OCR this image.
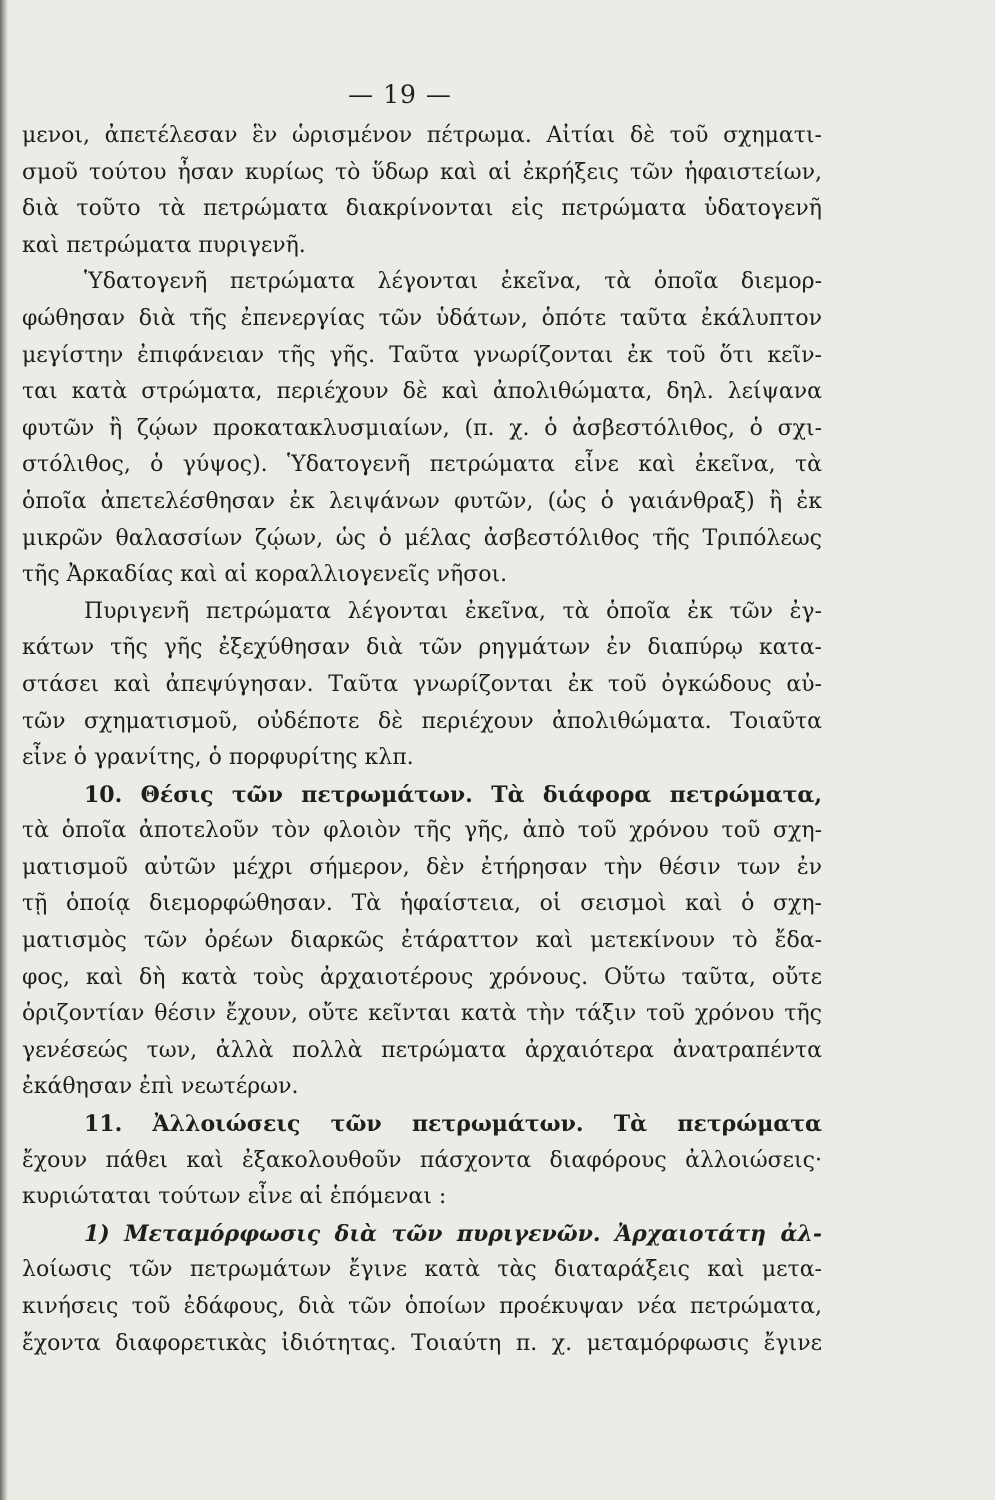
— 19 —
μενοι, ἀπετέλεσαν ἓν ὡρισμένον πέτρωμα. Αἰτίαι δὲ τοῦ σχηματι-
σμοῦ τούτου ἦσαν κυρίως τὸ ὕδωρ καὶ αἱ ἐκρήξεις τῶν ἡφαιστείων,
διὰ τοῦτο τὰ πετρώματα διακρίνονται εἰς πετρώματα ὑδατογενῆ
καὶ πετρώματα πυριγενῆ.
Ὑδατογενῆ πετρώματα λέγονται ἐκεῖνα, τὰ ὁποῖα διεμορ-
φώθησαν διὰ τῆς ἐπενεργίας τῶν ὑδάτων, ὁπότε ταῦτα ἐκάλυπτον
μεγίστην ἐπιφάνειαν τῆς γῆς. Ταῦτα γνωρίζονται ἐκ τοῦ ὅτι κεῖν-
ται κατὰ στρώματα, περιέχουν δὲ καὶ ἀπολιθώματα, δηλ. λείψανα
φυτῶν ἢ ζῴων προκατακλυσμιαίων, (π. χ. ὁ ἀσβεστόλιθος, ὁ σχι-
στόλιθος, ὁ γύψος). Ὑδατογενῆ πετρώματα εἶνε καὶ ἐκεῖνα, τὰ
ὁποῖα ἀπετελέσθησαν ἐκ λειψάνων φυτῶν, (ὡς ὁ γαιάνθραξ) ἢ ἐκ
μικρῶν θαλασσίων ζῴων, ὡς ὁ μέλας ἀσβεστόλιθος τῆς Τριπόλεως
τῆς Ἀρκαδίας καὶ αἱ κοραλλιογενεῖς νῆσοι.
Πυριγενῆ πετρώματα λέγονται ἐκεῖνα, τὰ ὁποῖα ἐκ τῶν ἐγ-
κάτων τῆς γῆς ἐξεχύθησαν διὰ τῶν ρηγμάτων ἐν διαπύρῳ κατα-
στάσει καὶ ἀπεψύγησαν. Ταῦτα γνωρίζονται ἐκ τοῦ ὀγκώδους αὐ-
τῶν σχηματισμοῦ, οὐδέποτε δὲ περιέχουν ἀπολιθώματα. Τοιαῦτα
εἶνε ὁ γρανίτης, ὁ πορφυρίτης κλπ.
10. Θέσις τῶν πετρωμάτων. Τὰ διάφορα πετρώματα,
τὰ ὁποῖα ἀποτελοῦν τὸν φλοιὸν τῆς γῆς, ἀπὸ τοῦ χρόνου τοῦ σχη-
ματισμοῦ αὐτῶν μέχρι σήμερον, δὲν ἐτήρησαν τὴν θέσιν των ἐν
τῇ ὁποίᾳ διεμορφώθησαν. Τὰ ἡφαίστεια, οἱ σεισμοὶ καὶ ὁ σχη-
ματισμὸς τῶν ὀρέων διαρκῶς ἐτάραττον καὶ μετεκίνουν τὸ ἔδα-
φος, καὶ δὴ κατὰ τοὺς ἀρχαιοτέρους χρόνους. Οὕτω ταῦτα, οὔτε
ὁριζοντίαν θέσιν ἔχουν, οὔτε κεῖνται κατὰ τὴν τάξιν τοῦ χρόνου τῆς
γενέσεώς των, ἀλλὰ πολλὰ πετρώματα ἀρχαιότερα ἀνατραπέντα
ἐκάθησαν ἐπὶ νεωτέρων.
11. Ἀλλοιώσεις τῶν πετρωμάτων. Τὰ πετρώματα
ἔχουν πάθει καὶ ἐξακολουθοῦν πάσχοντα διαφόρους ἀλλοιώσεις·
κυριώταται τούτων εἶνε αἱ ἑπόμεναι :
1) Μεταμόρφωσις διὰ τῶν πυριγενῶν. Ἀρχαιοτάτη ἀλ-
λοίωσις τῶν πετρωμάτων ἔγινε κατὰ τὰς διαταράξεις καὶ μετα-
κινήσεις τοῦ ἐδάφους, διὰ τῶν ὁποίων προέκυψαν νέα πετρώματα,
ἔχοντα διαφορετικὰς ἰδιότητας. Τοιαύτη π. χ. μεταμόρφωσις ἔγινε
